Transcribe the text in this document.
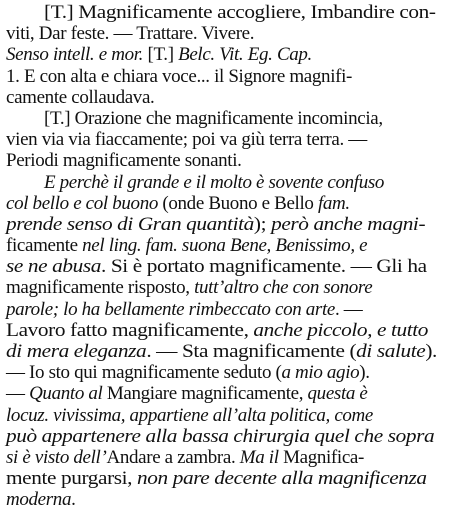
[T.] Magnificamente accogliere, Imbandire con-
viti, Dar feste. — Trattare. Vivere.
Senso intell. e mor. [T.] Belc. Vit. Eg. Cap.
1. E con alta e chiara voce... il Signore magnifi-
camente collaudava.
[T.] Orazione che magnificamente incomincia,
vien via via fiaccamente; poi va giù terra terra. —
Periodi magnificamente sonanti.
E perchè il grande e il molto è sovente confuso
col bello e col buono (onde Buono e Bello fam.
prende senso di Gran quantità); però anche magni-
ficamente nel ling. fam. suona Bene, Benissimo, e
se ne abusa. Si è portato magnificamente. — Gli ha
magnificamente risposto, tutt’altro che con sonore
parole; lo ha bellamente rimbeccato con arte. —
Lavoro fatto magnificamente, anche piccolo, e tutto
di mera eleganza. — Sta magnificamente (di salute).
— Io sto qui magnificamente seduto (a mio agio).
— Quanto al Mangiare magnificamente, questa è
locuz. vivissima, appartiene all’alta politica, come
può appartenere alla bassa chirurgia quel che sopra
si è visto dell’Andare a zambra. Ma il Magnifica-
mente purgarsi, non pare decente alla magnificenza
moderna.
